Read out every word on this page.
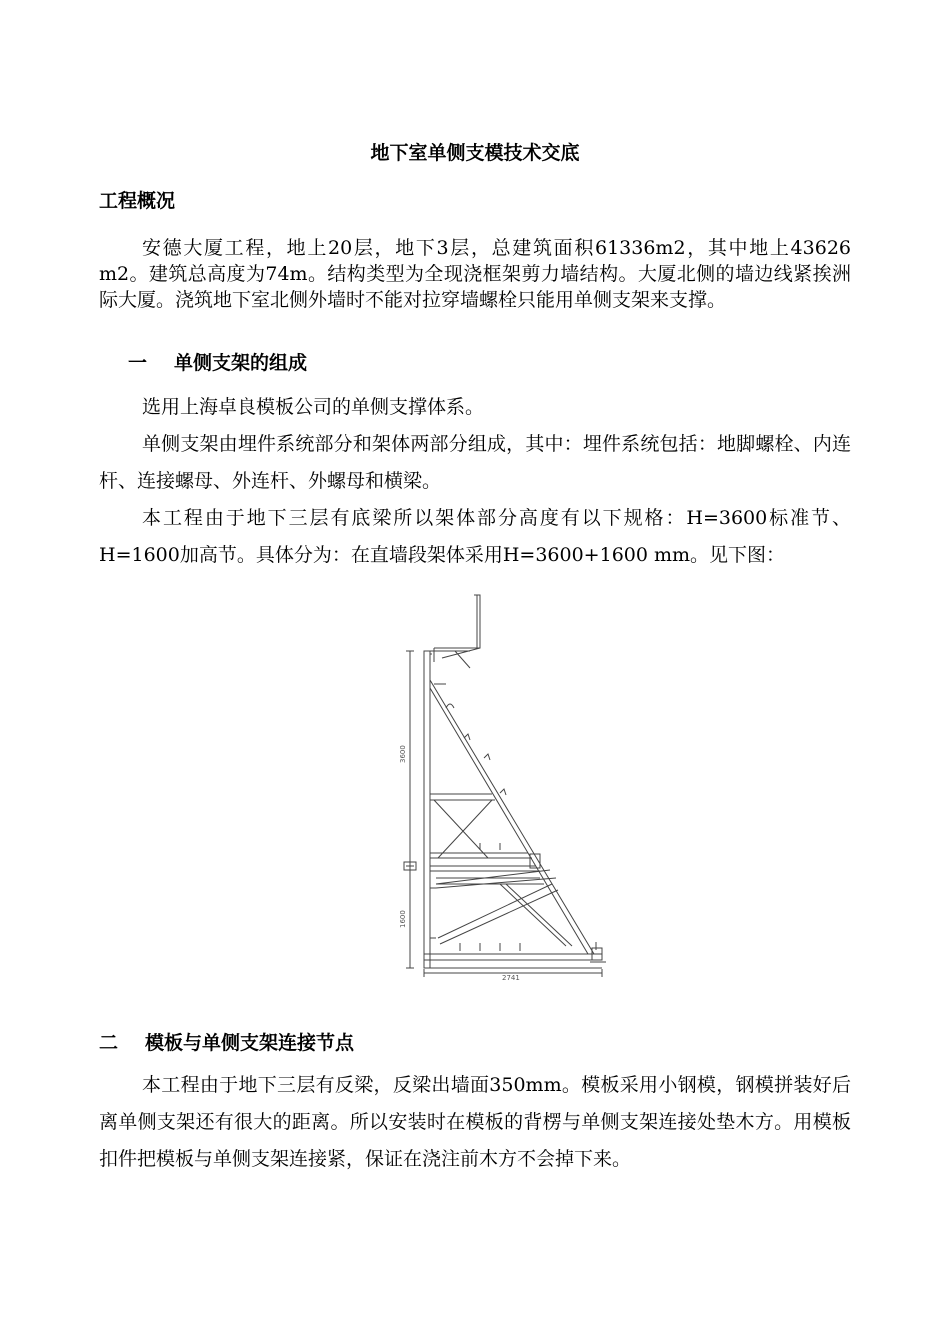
地下室单侧支模技术交底
工程概况
安德大厦工程，地上20层，地下3层，总建筑面积61336m2，其中地上43626 m2。建筑总高度为74m。结构类型为全现浇框架剪力墙结构。大厦北侧的墙边线紧挨洲际大厦。浇筑地下室北侧外墙时不能对拉穿墙螺栓只能用单侧支架来支撑。
一 单侧支架的组成
选用上海卓良模板公司的单侧支撑体系。
单侧支架由埋件系统部分和架体两部分组成，其中：埋件系统包括：地脚螺栓、内连杆、连接螺母、外连杆、外螺母和横梁。
本工程由于地下三层有底梁所以架体部分高度有以下规格：H=3600标准节、H=1600加高节。具体分为：在直墙段架体采用H=3600+1600 mm。见下图：
3600
1600
2741
二 模板与单侧支架连接节点
本工程由于地下三层有反梁，反梁出墙面350mm。模板采用小钢模，钢模拼装好后离单侧支架还有很大的距离。所以安装时在模板的背楞与单侧支架连接处垫木方。用模板扣件把模板与单侧支架连接紧，保证在浇注前木方不会掉下来。
